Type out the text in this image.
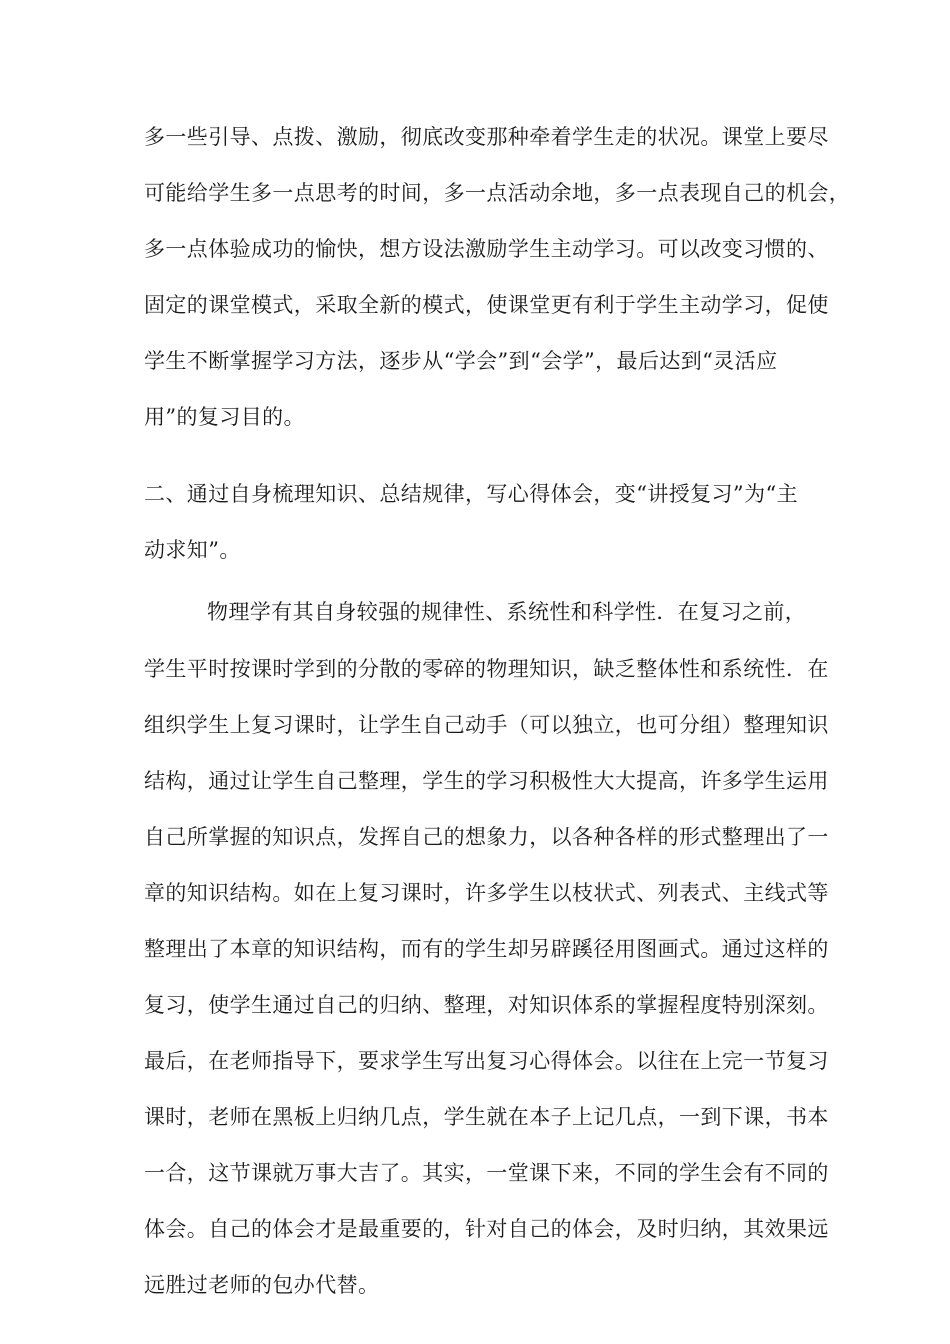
多一些引导、点拨、激励，彻底改变那种牵着学生走的状况。课堂上要尽
可能给学生多一点思考的时间，多一点活动余地，多一点表现自己的机会，
多一点体验成功的愉快，想方设法激励学生主动学习。可以改变习惯的、
固定的课堂模式，采取全新的模式，使课堂更有利于学生主动学习，促使
学生不断掌握学习方法，逐步从“学会”到“会学”，最后达到“灵活应
用”的复习目的。
二、通过自身梳理知识、总结规律，写心得体会，变“讲授复习”为“主
动求知”。
物理学有其自身较强的规律性、系统性和科学性．在复习之前，
学生平时按课时学到的分散的零碎的物理知识，缺乏整体性和系统性．在
组织学生上复习课时，让学生自己动手（可以独立，也可分组）整理知识
结构，通过让学生自己整理，学生的学习积极性大大提高，许多学生运用
自己所掌握的知识点，发挥自己的想象力，以各种各样的形式整理出了一
章的知识结构。如在上复习课时，许多学生以枝状式、列表式、主线式等
整理出了本章的知识结构，而有的学生却另辟蹊径用图画式。通过这样的
复习，使学生通过自己的归纳、整理，对知识体系的掌握程度特别深刻。
最后，在老师指导下，要求学生写出复习心得体会。以往在上完一节复习
课时，老师在黑板上归纳几点，学生就在本子上记几点，一到下课，书本
一合，这节课就万事大吉了。其实，一堂课下来，不同的学生会有不同的
体会。自己的体会才是最重要的，针对自己的体会，及时归纳，其效果远
远胜过老师的包办代替。
